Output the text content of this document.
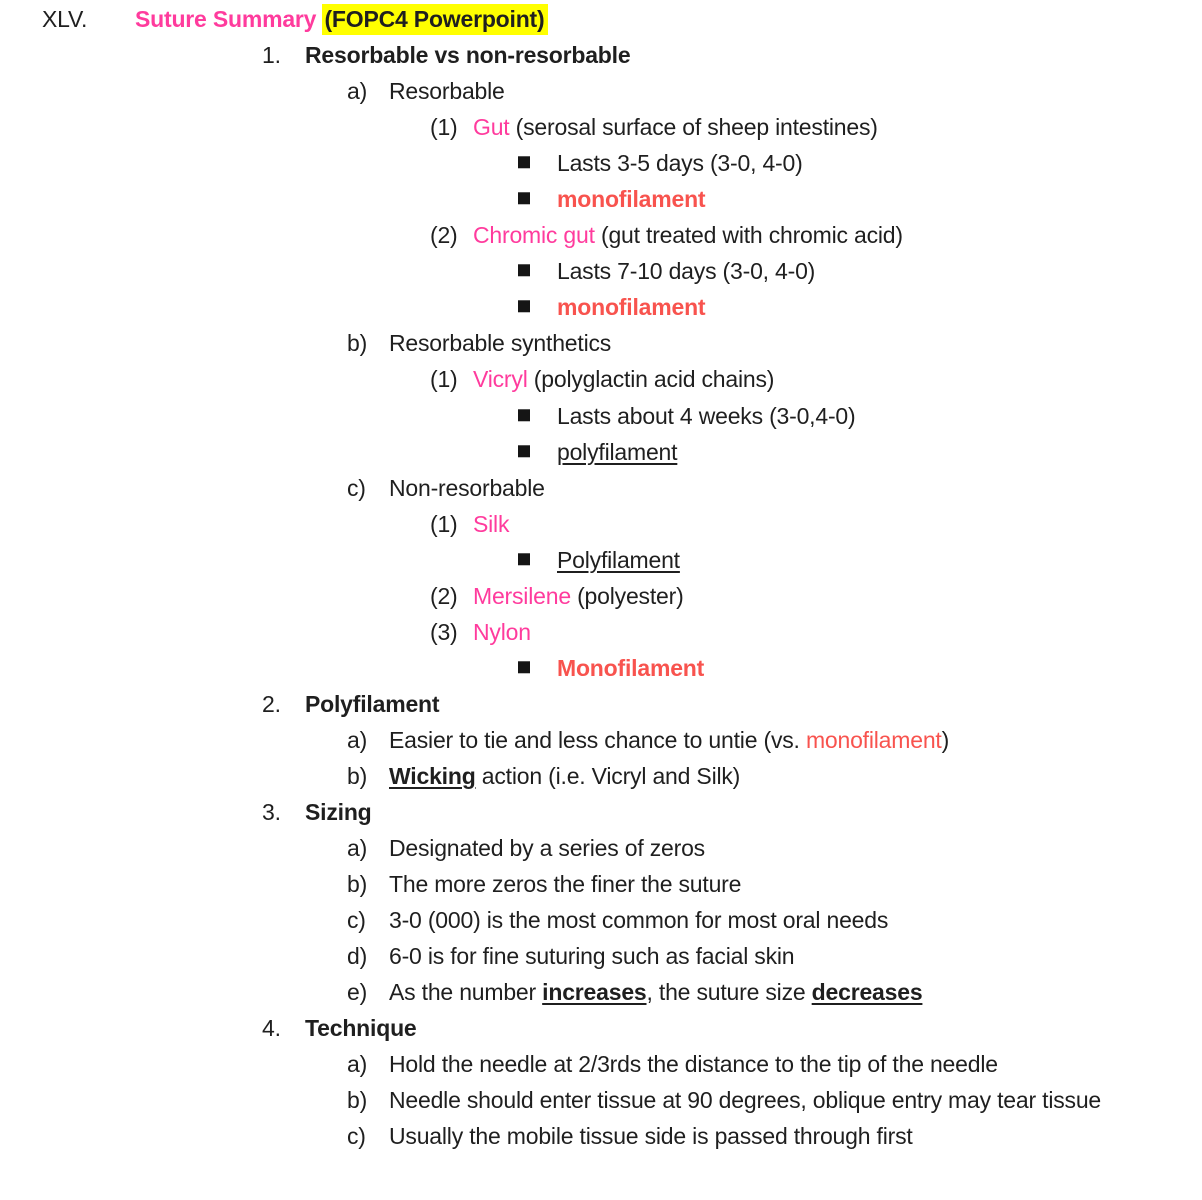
XLV. Suture Summary (FOPC4 Powerpoint)
1. Resorbable vs non-resorbable
a) Resorbable
(1) Gut (serosal surface of sheep intestines)
Lasts 3-5 days (3-0, 4-0)
monofilament
(2) Chromic gut (gut treated with chromic acid)
Lasts 7-10 days (3-0, 4-0)
monofilament
b) Resorbable synthetics
(1) Vicryl (polyglactin acid chains)
Lasts about 4 weeks (3-0,4-0)
polyfilament
c) Non-resorbable
(1) Silk
Polyfilament
(2) Mersilene (polyester)
(3) Nylon
Monofilament
2. Polyfilament
a) Easier to tie and less chance to untie (vs. monofilament)
b) Wicking action (i.e. Vicryl and Silk)
3. Sizing
a) Designated by a series of zeros
b) The more zeros the finer the suture
c) 3-0 (000) is the most common for most oral needs
d) 6-0 is for fine suturing such as facial skin
e) As the number increases, the suture size decreases
4. Technique
a) Hold the needle at 2/3rds the distance to the tip of the needle
b) Needle should enter tissue at 90 degrees, oblique entry may tear tissue
c) Usually the mobile tissue side is passed through first
